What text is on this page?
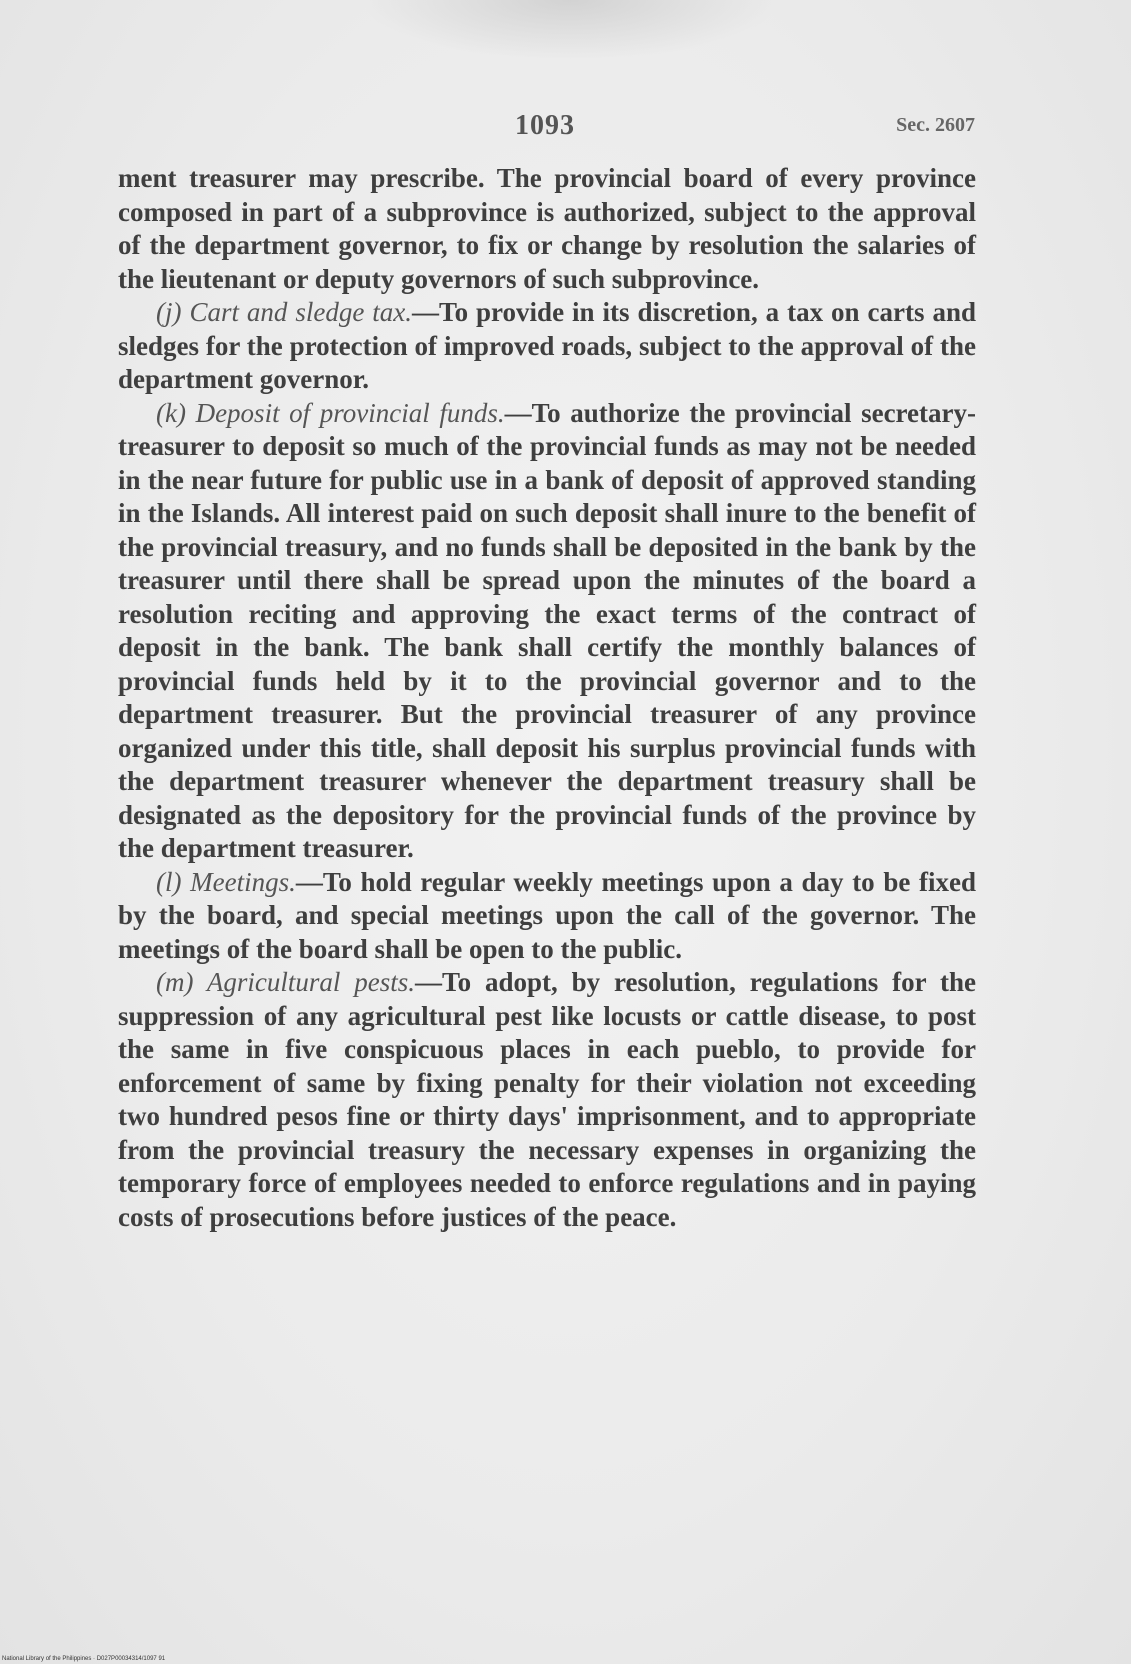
1093	Sec. 2607

ment treasurer may prescribe. The provincial board of every province composed in part of a subprovince is authorized, subject to the approval of the department governor, to fix or change by resolution the salaries of the lieutenant or deputy governors of such subprovince.

(j) Cart and sledge tax.—To provide in its discretion, a tax on carts and sledges for the protection of improved roads, subject to the approval of the department governor.

(k) Deposit of provincial funds.—To authorize the provincial secretary-treasurer to deposit so much of the provincial funds as may not be needed in the near future for public use in a bank of deposit of approved standing in the Islands. All interest paid on such deposit shall inure to the benefit of the provincial treasury, and no funds shall be deposited in the bank by the treasurer until there shall be spread upon the minutes of the board a resolution reciting and approving the exact terms of the contract of deposit in the bank. The bank shall certify the monthly balances of provincial funds held by it to the provincial governor and to the department treasurer. But the provincial treasurer of any province organized under this title, shall deposit his surplus provincial funds with the department treasurer whenever the department treasury shall be designated as the depository for the provincial funds of the province by the department treasurer.

(l) Meetings.—To hold regular weekly meetings upon a day to be fixed by the board, and special meetings upon the call of the governor. The meetings of the board shall be open to the public.

(m) Agricultural pests.—To adopt, by resolution, regulations for the suppression of any agricultural pest like locusts or cattle disease, to post the same in five conspicuous places in each pueblo, to provide for enforcement of same by fixing penalty for their violation not exceeding two hundred pesos fine or thirty days' imprisonment, and to appropriate from the provincial treasury the necessary expenses in organizing the temporary force of employees needed to enforce regulations and in paying costs of prosecutions before justices of the peace.

National Library of the Philippines · D027P00034314/1097 91
